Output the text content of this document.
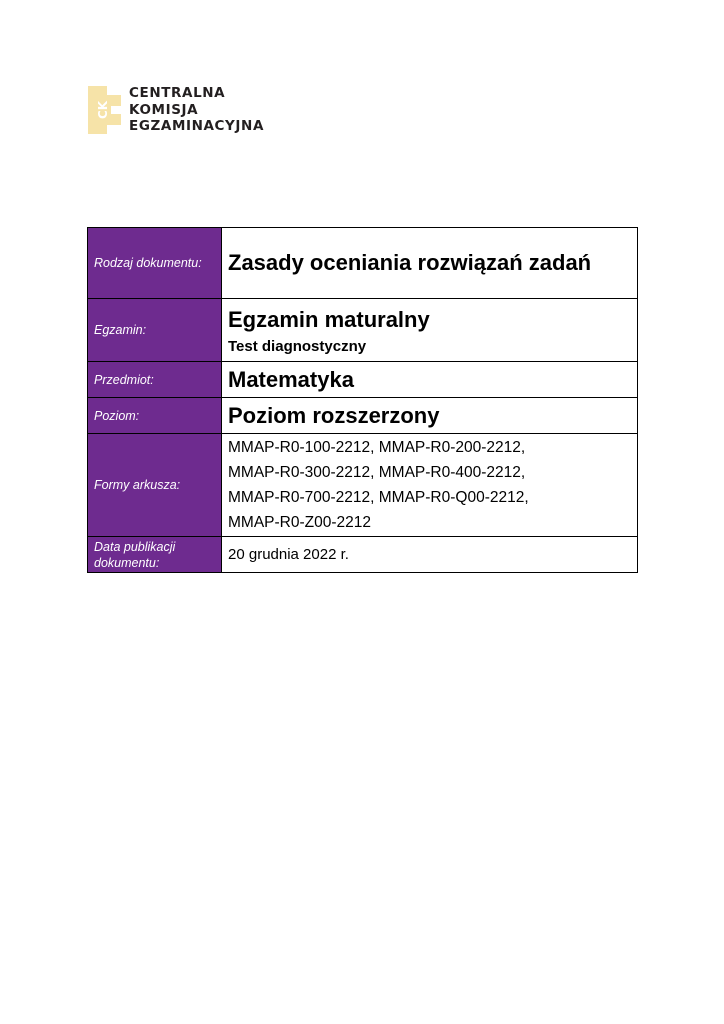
CK
CENTRALNA
KOMISJA
EGZAMINACYJNA
Rodzaj dokumentu:	Zasady oceniania rozwiązań zadań

Egzamin:	Egzamin maturalny
Test diagnostyczny

Przedmiot:	Matematyka

Poziom:	Poziom rozszerzony

Formy arkusza:	MMAP-R0-100-2212, MMAP-R0-200-2212,
MMAP-R0-300-2212, MMAP-R0-400-2212,
MMAP-R0-700-2212, MMAP-R0-Q00-2212,
MMAP-R0-Z00-2212

Data publikacji dokumentu:	20 grudnia 2022 r.
